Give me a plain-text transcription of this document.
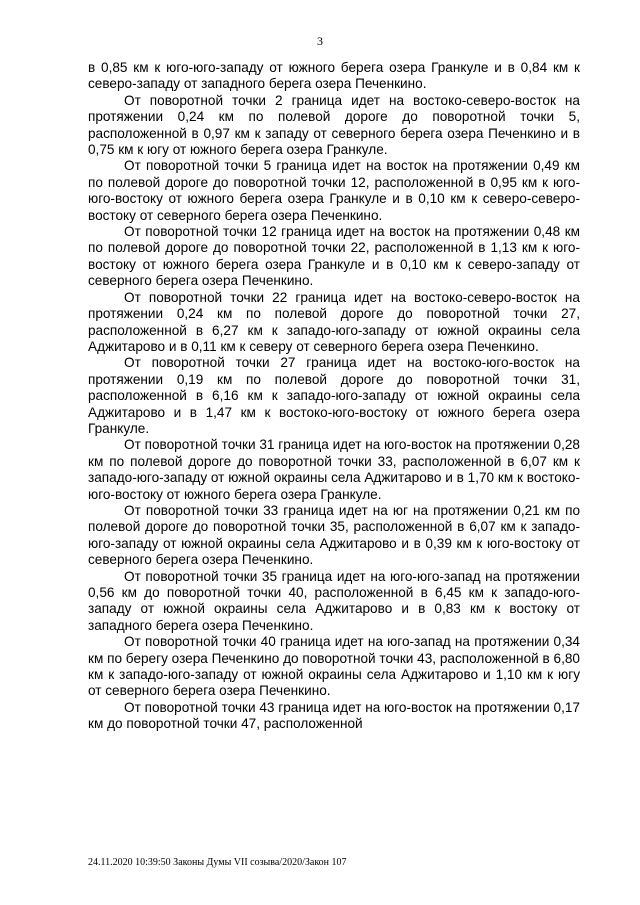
3

в 0,85 км к юго-юго-западу от южного берега озера Гранкуле и в 0,84 км к северо-западу от западного берега озера Печенкино.

От поворотной точки 2 граница идет на востоко-северо-восток на протяжении 0,24 км по полевой дороге до поворотной точки 5, расположенной в 0,97 км к западу от северного берега озера Печенкино и в 0,75 км к югу от южного берега озера Гранкуле.

От поворотной точки 5 граница идет на восток на протяжении 0,49 км по полевой дороге до поворотной точки 12, расположенной в 0,95 км к юго-юго-востоку от южного берега озера Гранкуле и в 0,10 км к северо-северо-востоку от северного берега озера Печенкино.

От поворотной точки 12 граница идет на восток на протяжении 0,48 км по полевой дороге до поворотной точки 22, расположенной в 1,13 км к юго-востоку от южного берега озера Гранкуле и в 0,10 км к северо-западу от северного берега озера Печенкино.

От поворотной точки 22 граница идет на востоко-северо-восток на протяжении 0,24 км по полевой дороге до поворотной точки 27, расположенной в 6,27 км к западо-юго-западу от южной окраины села Аджитарово и в 0,11 км к северу от северного берега озера Печенкино.

От поворотной точки 27 граница идет на востоко-юго-восток на протяжении 0,19 км по полевой дороге до поворотной точки 31, расположенной в 6,16 км к западо-юго-западу от южной окраины села Аджитарово и в 1,47 км к востоко-юго-востоку от южного берега озера Гранкуле.

От поворотной точки 31 граница идет на юго-восток на протяжении 0,28 км по полевой дороге до поворотной точки 33, расположенной в 6,07 км к западо-юго-западу от южной окраины села Аджитарово и в 1,70 км к востоко-юго-востоку от южного берега озера Гранкуле.

От поворотной точки 33 граница идет на юг на протяжении 0,21 км по полевой дороге до поворотной точки 35, расположенной в 6,07 км к западо-юго-западу от южной окраины села Аджитарово и в 0,39 км к юго-востоку от северного берега озера Печенкино.

От поворотной точки 35 граница идет на юго-юго-запад на протяжении 0,56 км до поворотной точки 40, расположенной в 6,45 км к западо-юго-западу от южной окраины села Аджитарово и в 0,83 км к востоку от западного берега озера Печенкино.

От поворотной точки 40 граница идет на юго-запад на протяжении 0,34 км по берегу озера Печенкино до поворотной точки 43, расположенной в 6,80 км к западо-юго-западу от южной окраины села Аджитарово и 1,10 км к югу от северного берега озера Печенкино.

От поворотной точки 43 граница идет на юго-восток на протяжении 0,17 км до поворотной точки 47, расположенной

24.11.2020 10:39:50 Законы Думы VII созыва/2020/Закон 107
